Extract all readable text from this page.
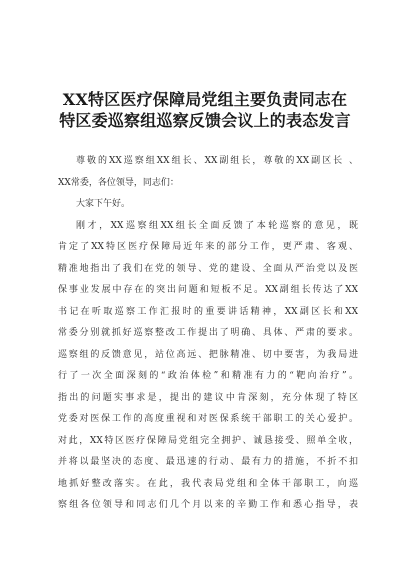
XX特区医疗保障局党组主要负责同志在
特区委巡察组巡察反馈会议上的表态发言
尊敬的XX巡察组XX组长、XX副组长，尊敬的XX副区长 、
XX常委，各位领导，同志们：
大家下午好。
刚才，XX巡察组XX组长全面反馈了本轮巡察的意见，既
肯定了XX特区医疗保障局近年来的部分工作，更严肃、客观、
精准地指出了我们在党的领导、党的建设、全面从严治党以及医
保事业发展中存在的突出问题和短板不足。XX副组长传达了XX
书记在听取巡察工作汇报时的重要讲话精神，XX副区长和XX
常委分别就抓好巡察整改工作提出了明确、具体、严肃的要求。
巡察组的反馈意见，站位高远、把脉精准、切中要害，为我局进
行了一次全面深刻的“政治体检”和精准有力的“靶向治疗”。
指出的问题实事求是，提出的建议中肯深刻，充分体现了特区
党委对医保工作的高度重视和对医保系统干部职工的关心爱护。
对此，XX特区医疗保障局党组完全拥护、诚恳接受、照单全收，
并将以最坚决的态度、最迅速的行动、最有力的措施，不折不扣
地抓好整改落实。在此，我代表局党组和全体干部职工，向巡
察组各位领导和同志们几个月以来的辛勤工作和悉心指导，表
